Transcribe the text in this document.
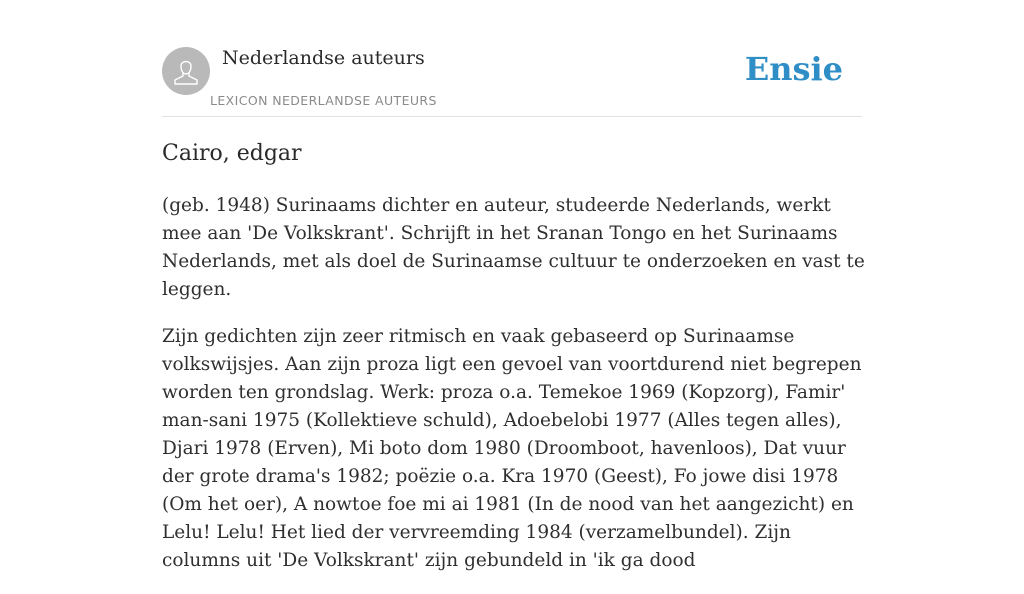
Nederlandse auteurs
LEXICON NEDERLANDSE AUTEURS
Ensie
Cairo, edgar

(geb. 1948) Surinaams dichter en auteur, studeerde Nederlands, werkt mee aan 'De Volkskrant'. Schrijft in het Sranan Tongo en het Surinaams Nederlands, met als doel de Surinaamse cultuur te onderzoeken en vast te leggen.

Zijn gedichten zijn zeer ritmisch en vaak gebaseerd op Surinaamse volkswijsjes. Aan zijn proza ligt een gevoel van voortdurend niet begrepen worden ten grondslag. Werk: proza o.a. Temekoe 1969 (Kopzorg), Famir' man-sani 1975 (Kollektieve schuld), Adoebelobi 1977 (Alles tegen alles), Djari 1978 (Erven), Mi boto dom 1980 (Droomboot, havenloos), Dat vuur der grote drama's 1982; poëzie o.a. Kra 1970 (Geest), Fo jowe disi 1978 (Om het oer), A nowtoe foe mi ai 1981 (In de nood van het aangezicht) en Lelu! Lelu! Het lied der vervreemding 1984 (verzamelbundel). Zijn columns uit 'De Volkskrant' zijn gebundeld in 'ik ga dood
